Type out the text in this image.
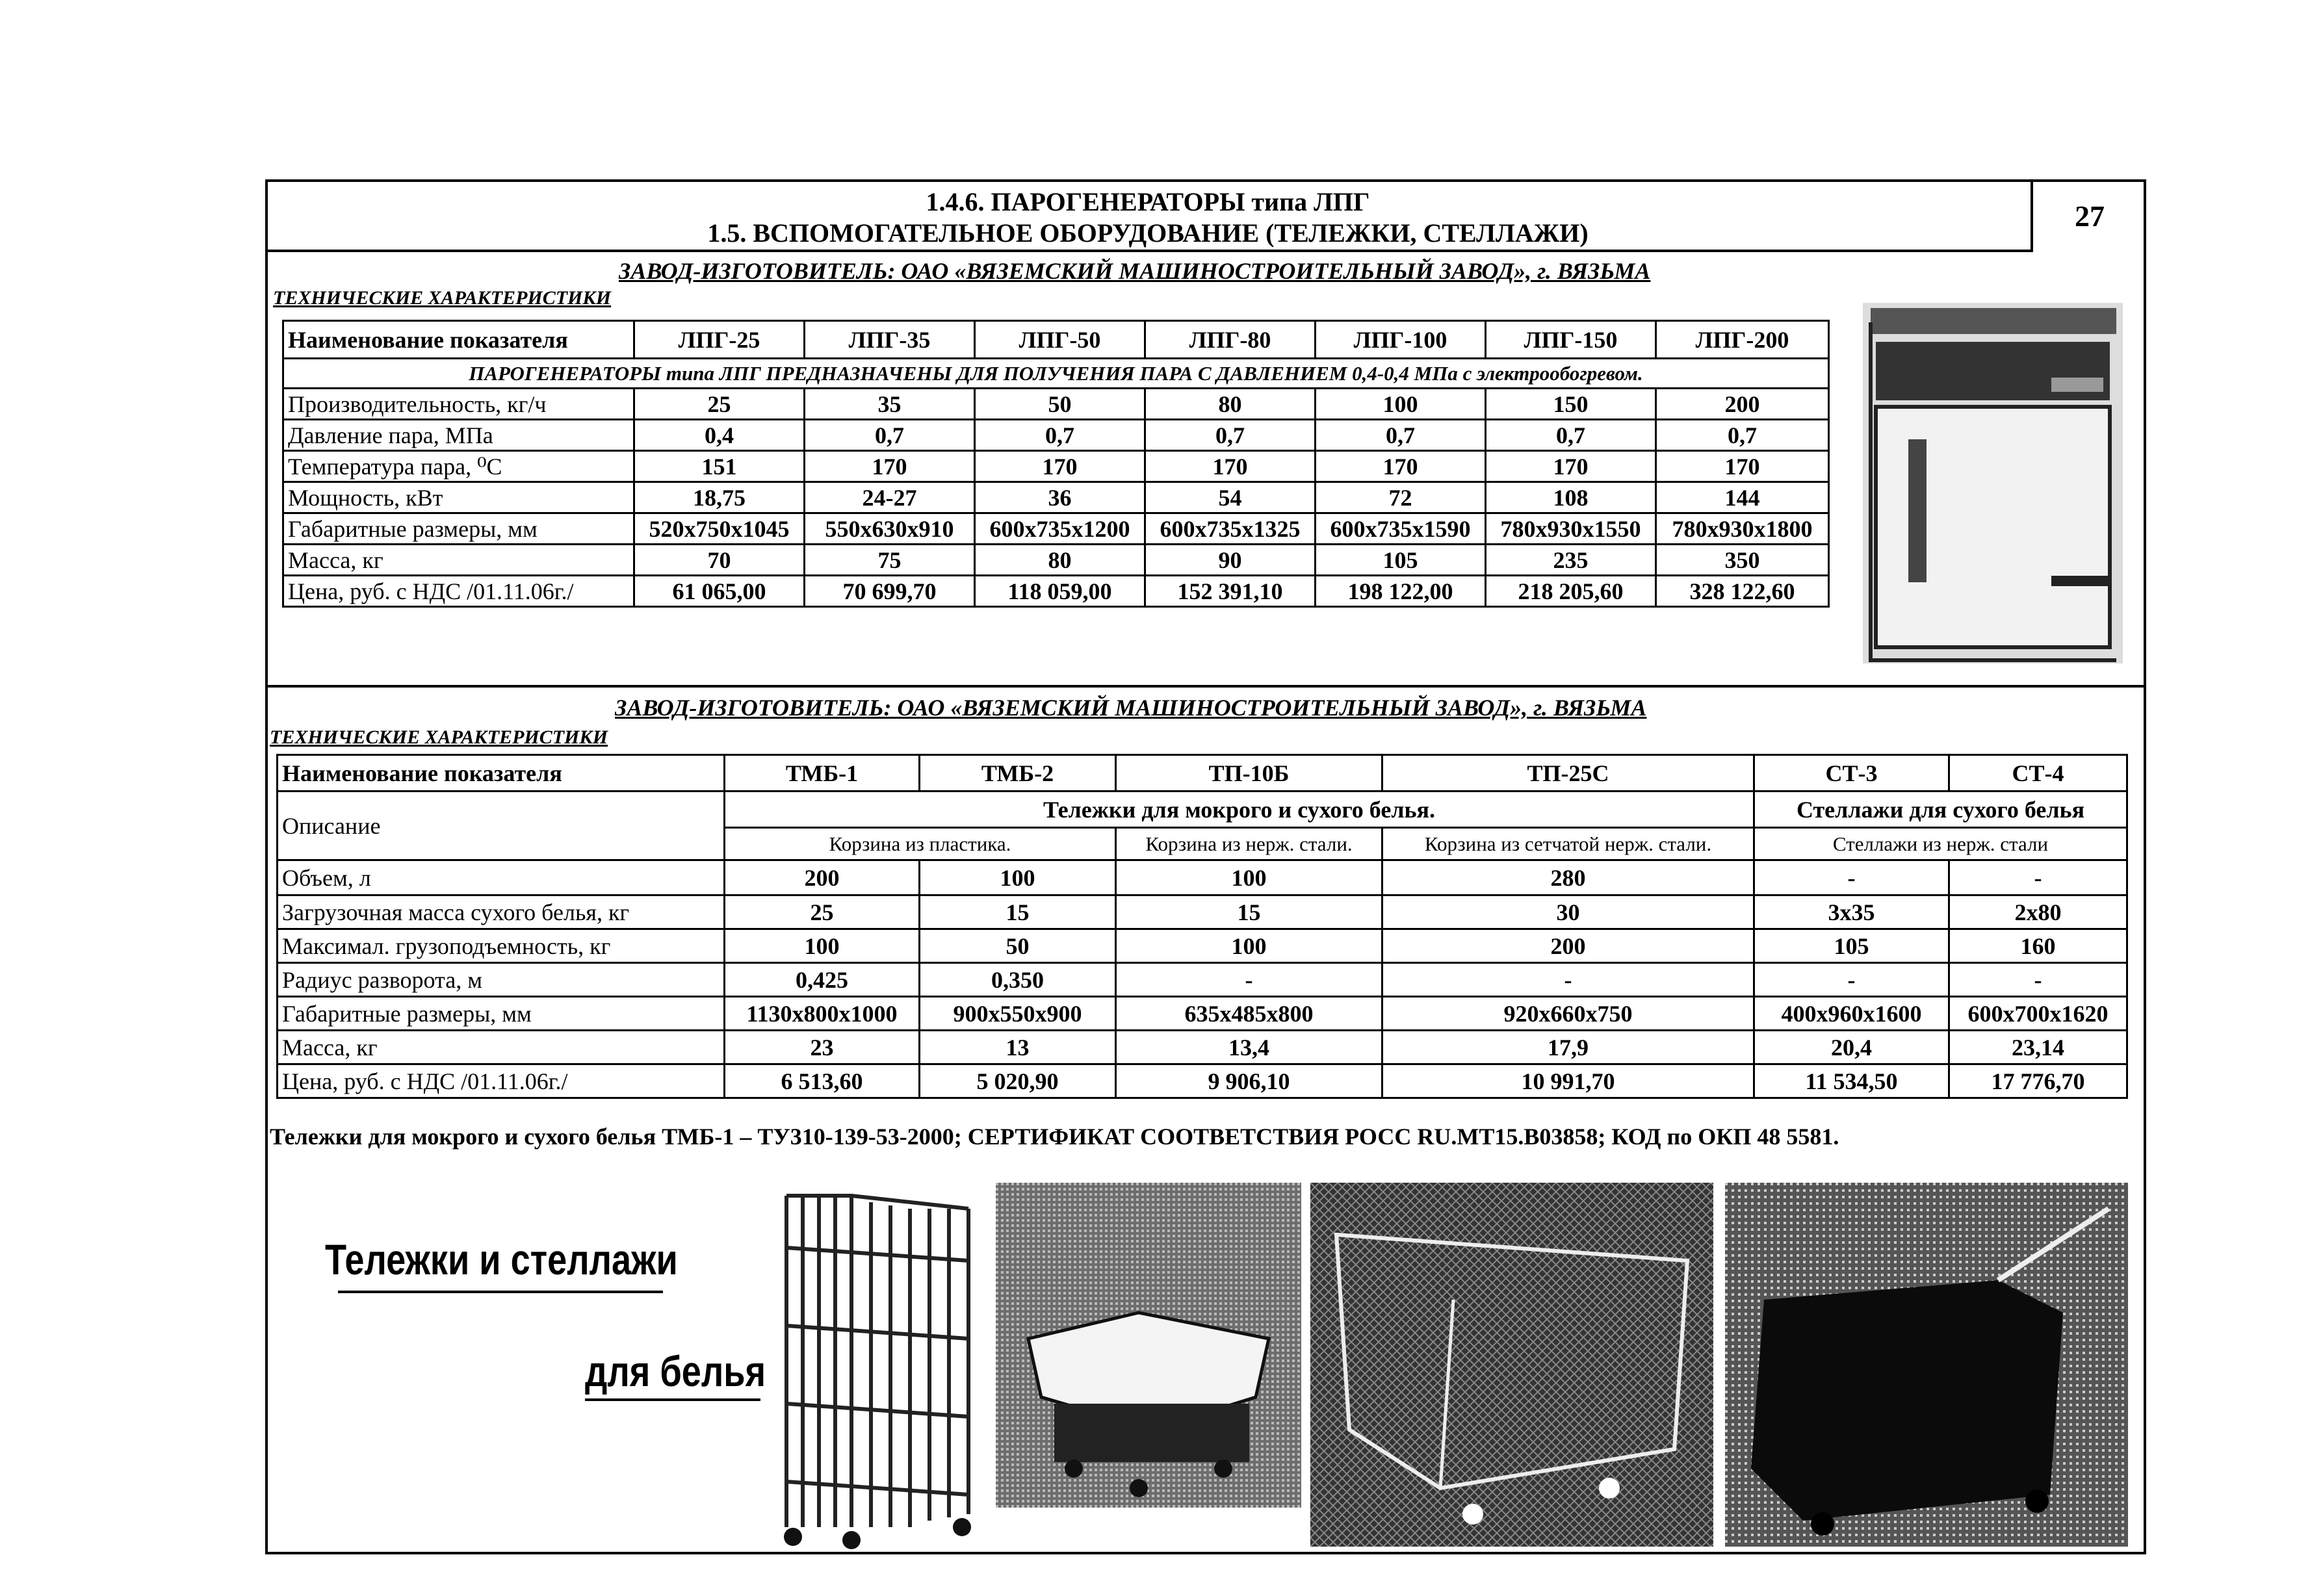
1.4.6. ПАРОГЕНЕРАТОРЫ типа ЛПГ
1.5. ВСПОМОГАТЕЛЬНОЕ ОБОРУДОВАНИЕ (ТЕЛЕЖКИ, СТЕЛЛАЖИ)
27
ЗАВОД-ИЗГОТОВИТЕЛЬ: ОАО «ВЯЗЕМСКИЙ МАШИНОСТРОИТЕЛЬНЫЙ ЗАВОД», г. ВЯЗЬМА
ТЕХНИЧЕСКИЕ ХАРАКТЕРИСТИКИ
Наименование показателя	ЛПГ-25	ЛПГ-35	ЛПГ-50	ЛПГ-80	ЛПГ-100	ЛПГ-150	ЛПГ-200
ПАРОГЕНЕРАТОРЫ типа ЛПГ ПРЕДНАЗНАЧЕНЫ ДЛЯ ПОЛУЧЕНИЯ ПАРА С ДАВЛЕНИЕМ 0,4-0,4 МПа с электрообогревом.							
Производительность, кг/ч	25	35	50	80	100	150	200
Давление пара, МПа	0,4	0,7	0,7	0,7	0,7	0,7	0,7
Температура пара, ⁰С	151	170	170	170	170	170	170
Мощность, кВт	18,75	24-27	36	54	72	108	144
Габаритные размеры, мм	520x750x1045	550x630x910	600x735x1200	600x735x1325	600x735x1590	780x930x1550	780x930x1800
Масса, кг	70	75	80	90	105	235	350
Цена, руб. с НДС /01.11.06г./	61 065,00	70 699,70	118 059,00	152 391,10	198 122,00	218 205,60	328 122,60
ЗАВОД-ИЗГОТОВИТЕЛЬ: ОАО «ВЯЗЕМСКИЙ МАШИНОСТРОИТЕЛЬНЫЙ ЗАВОД», г. ВЯЗЬМА
ТЕХНИЧЕСКИЕ ХАРАКТЕРИСТИКИ
Наименование показателя	ТМБ-1	ТМБ-2	ТП-10Б	ТП-25С	СТ-3	СТ-4
Описание	Тележки для мокрого и сухого белья.				Стеллажи для сухого белья	
	Корзина из пластика.		Корзина из нерж. стали.	Корзина из сетчатой нерж. стали.	Стеллажи из нерж. стали	
Объем, л	200	100	100	280	-	-
Загрузочная масса сухого белья, кг	25	15	15	30	3x35	2x80
Максимал. грузоподъемность, кг	100	50	100	200	105	160
Радиус разворота, м	0,425	0,350	-	-	-	-
Габаритные размеры, мм	1130x800x1000	900x550x900	635x485x800	920x660x750	400x960x1600	600x700x1620
Масса, кг	23	13	13,4	17,9	20,4	23,14
Цена, руб. с НДС /01.11.06г./	6 513,60	5 020,90	9 906,10	10 991,70	11 534,50	17 776,70
Тележки для мокрого и сухого белья ТМБ-1 – ТУ310-139-53-2000; СЕРТИФИКАТ СООТВЕТСТВИЯ РОСС RU.MT15.B03858; КОД по ОКП 48 5581.
Тележки и стеллажи
для белья
